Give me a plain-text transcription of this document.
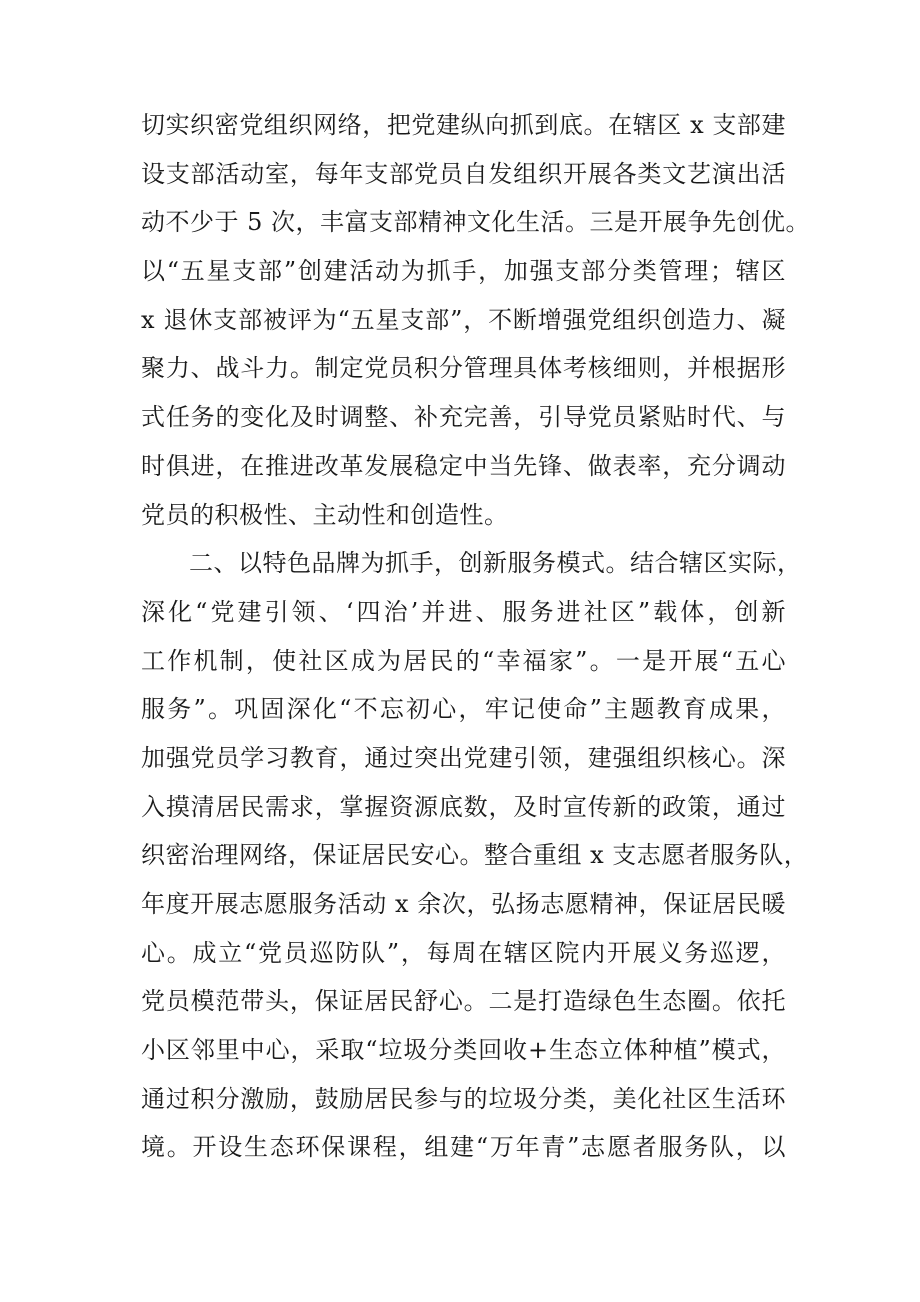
切实织密党组织网络，把党建纵向抓到底。在辖区 x 支部建
设支部活动室，每年支部党员自发组织开展各类文艺演出活
动不少于 5 次，丰富支部精神文化生活。三是开展争先创优。
以“五星支部”创建活动为抓手，加强支部分类管理；辖区
x 退休支部被评为“五星支部”，不断增强党组织创造力、凝
聚力、战斗力。制定党员积分管理具体考核细则，并根据形
式任务的变化及时调整、补充完善，引导党员紧贴时代、与
时俱进，在推进改革发展稳定中当先锋、做表率，充分调动
党员的积极性、主动性和创造性。
二、以特色品牌为抓手，创新服务模式。结合辖区实际，
深化“党建引领、‘四治’并进、服务进社区”载体，创新
工作机制，使社区成为居民的“幸福家”。一是开展“五心
服务”。巩固深化“不忘初心，牢记使命”主题教育成果，
加强党员学习教育，通过突出党建引领，建强组织核心。深
入摸清居民需求，掌握资源底数，及时宣传新的政策，通过
织密治理网络，保证居民安心。整合重组 x 支志愿者服务队，
年度开展志愿服务活动 x 余次，弘扬志愿精神，保证居民暖
心。成立“党员巡防队”，每周在辖区院内开展义务巡逻，
党员模范带头，保证居民舒心。二是打造绿色生态圈。依托
小区邻里中心，采取“垃圾分类回收+生态立体种植”模式，
通过积分激励，鼓励居民参与的垃圾分类，美化社区生活环
境。开设生态环保课程，组建“万年青”志愿者服务队，以
